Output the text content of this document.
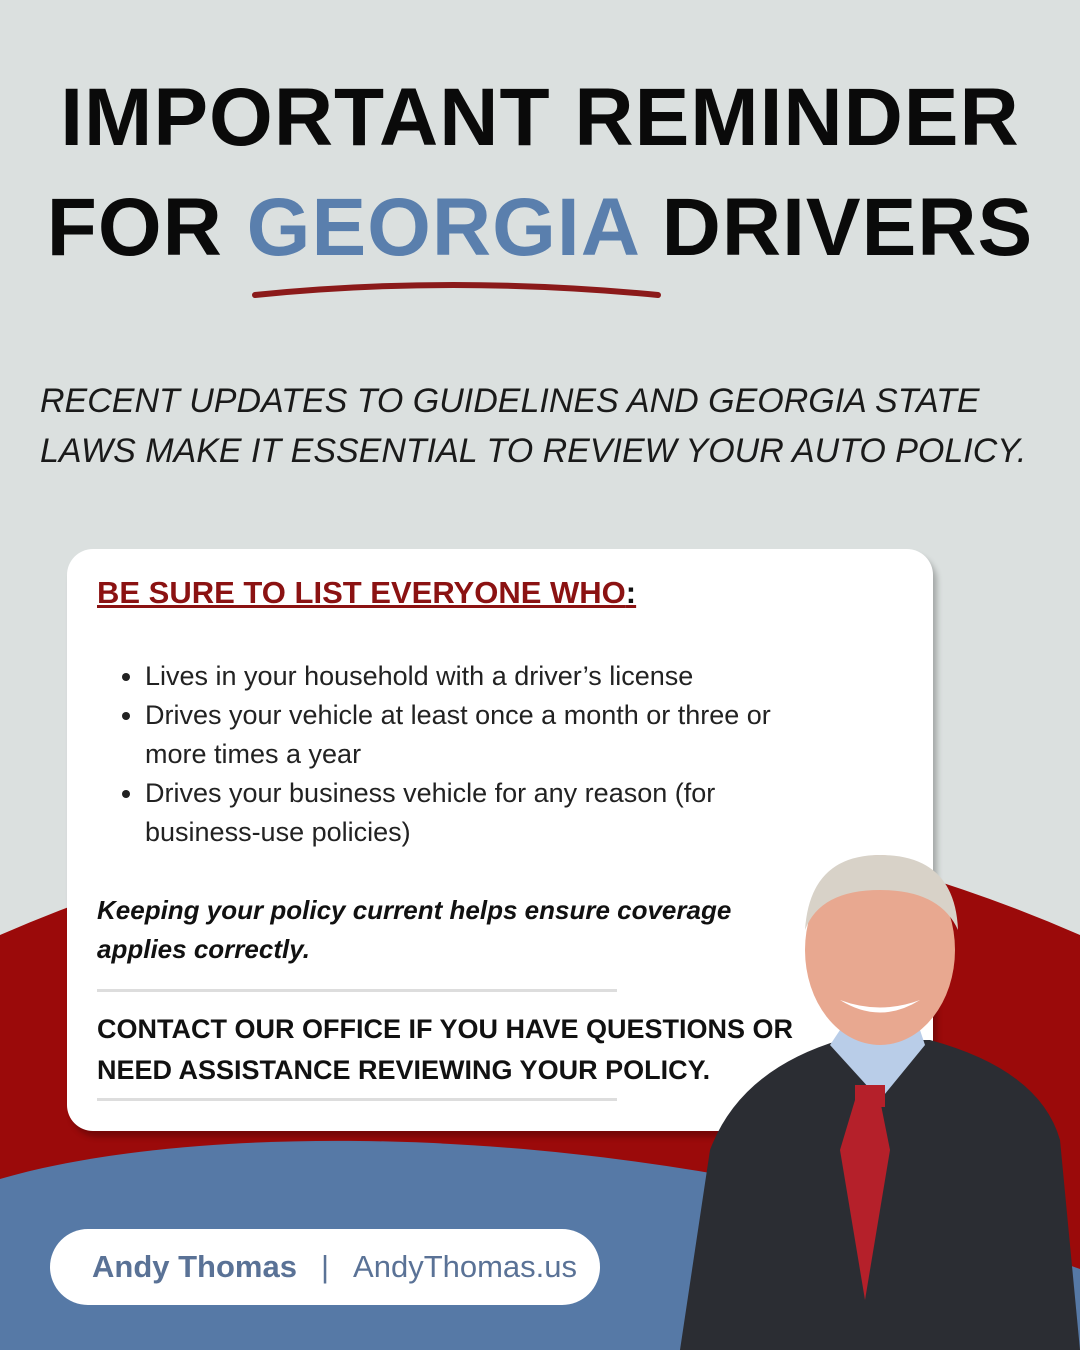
IMPORTANT REMINDER
FOR GEORGIA DRIVERS
RECENT UPDATES TO GUIDELINES AND GEORGIA STATE LAWS MAKE IT ESSENTIAL TO REVIEW YOUR AUTO POLICY.
BE SURE TO LIST EVERYONE WHO:
• Lives in your household with a driver’s license
• Drives your vehicle at least once a month or three or more times a year
• Drives your business vehicle for any reason (for business-use policies)
Keeping your policy current helps ensure coverage applies correctly.
CONTACT OUR OFFICE IF YOU HAVE QUESTIONS OR NEED ASSISTANCE REVIEWING YOUR POLICY.
Andy Thomas | AndyThomas.us
